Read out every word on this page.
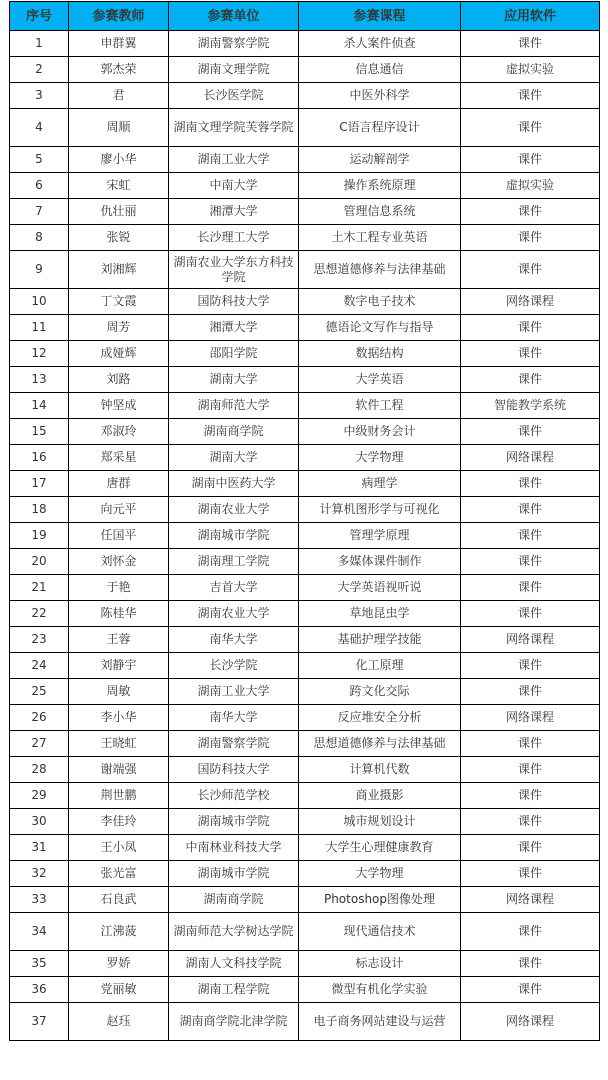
序号	参赛教师	参赛单位	参赛课程	应用软件
1	申群翼	湖南警察学院	杀人案件侦查	课件
2	郭杰荣	湖南文理学院	信息通信	虚拟实验
3	君	长沙医学院	中医外科学	课件
4	周顺	湖南文理学院芙蓉学院	C语言程序设计	课件
5	廖小华	湖南工业大学	运动解剖学	课件
6	宋虹	中南大学	操作系统原理	虚拟实验
7	仇壮丽	湘潭大学	管理信息系统	课件
8	张锐	长沙理工大学	土木工程专业英语	课件
9	刘湘辉	湖南农业大学东方科技学院	思想道德修养与法律基础	课件
10	丁文霞	国防科技大学	数字电子技术	网络课程
11	周芳	湘潭大学	德语论文写作与指导	课件
12	成娅辉	邵阳学院	数据结构	课件
13	刘路	湖南大学	大学英语	课件
14	钟坚成	湖南师范大学	软件工程	智能教学系统
15	邓淑玲	湖南商学院	中级财务会计	课件
16	郑采星	湖南大学	大学物理	网络课程
17	唐群	湖南中医药大学	病理学	课件
18	向元平	湖南农业大学	计算机图形学与可视化	课件
19	任国平	湖南城市学院	管理学原理	课件
20	刘怀金	湖南理工学院	多媒体课件制作	课件
21	于艳	吉首大学	大学英语视听说	课件
22	陈桂华	湖南农业大学	草地昆虫学	课件
23	王蓉	南华大学	基础护理学技能	网络课程
24	刘静宇	长沙学院	化工原理	课件
25	周敏	湖南工业大学	跨文化交际	课件
26	李小华	南华大学	反应堆安全分析	网络课程
27	王晓虹	湖南警察学院	思想道德修养与法律基础	课件
28	谢端强	国防科技大学	计算机代数	课件
29	荆世鹏	长沙师范学校	商业摄影	课件
30	李佳玲	湖南城市学院	城市规划设计	课件
31	王小凤	中南林业科技大学	大学生心理健康教育	课件
32	张光富	湖南城市学院	大学物理	课件
33	石良武	湖南商学院	Photoshop图像处理	网络课程
34	江沸菠	湖南师范大学树达学院	现代通信技术	课件
35	罗娇	湖南人文科技学院	标志设计	课件
36	党丽敏	湖南工程学院	微型有机化学实验	课件
37	赵珏	湖南商学院北津学院	电子商务网站建设与运营	网络课程
